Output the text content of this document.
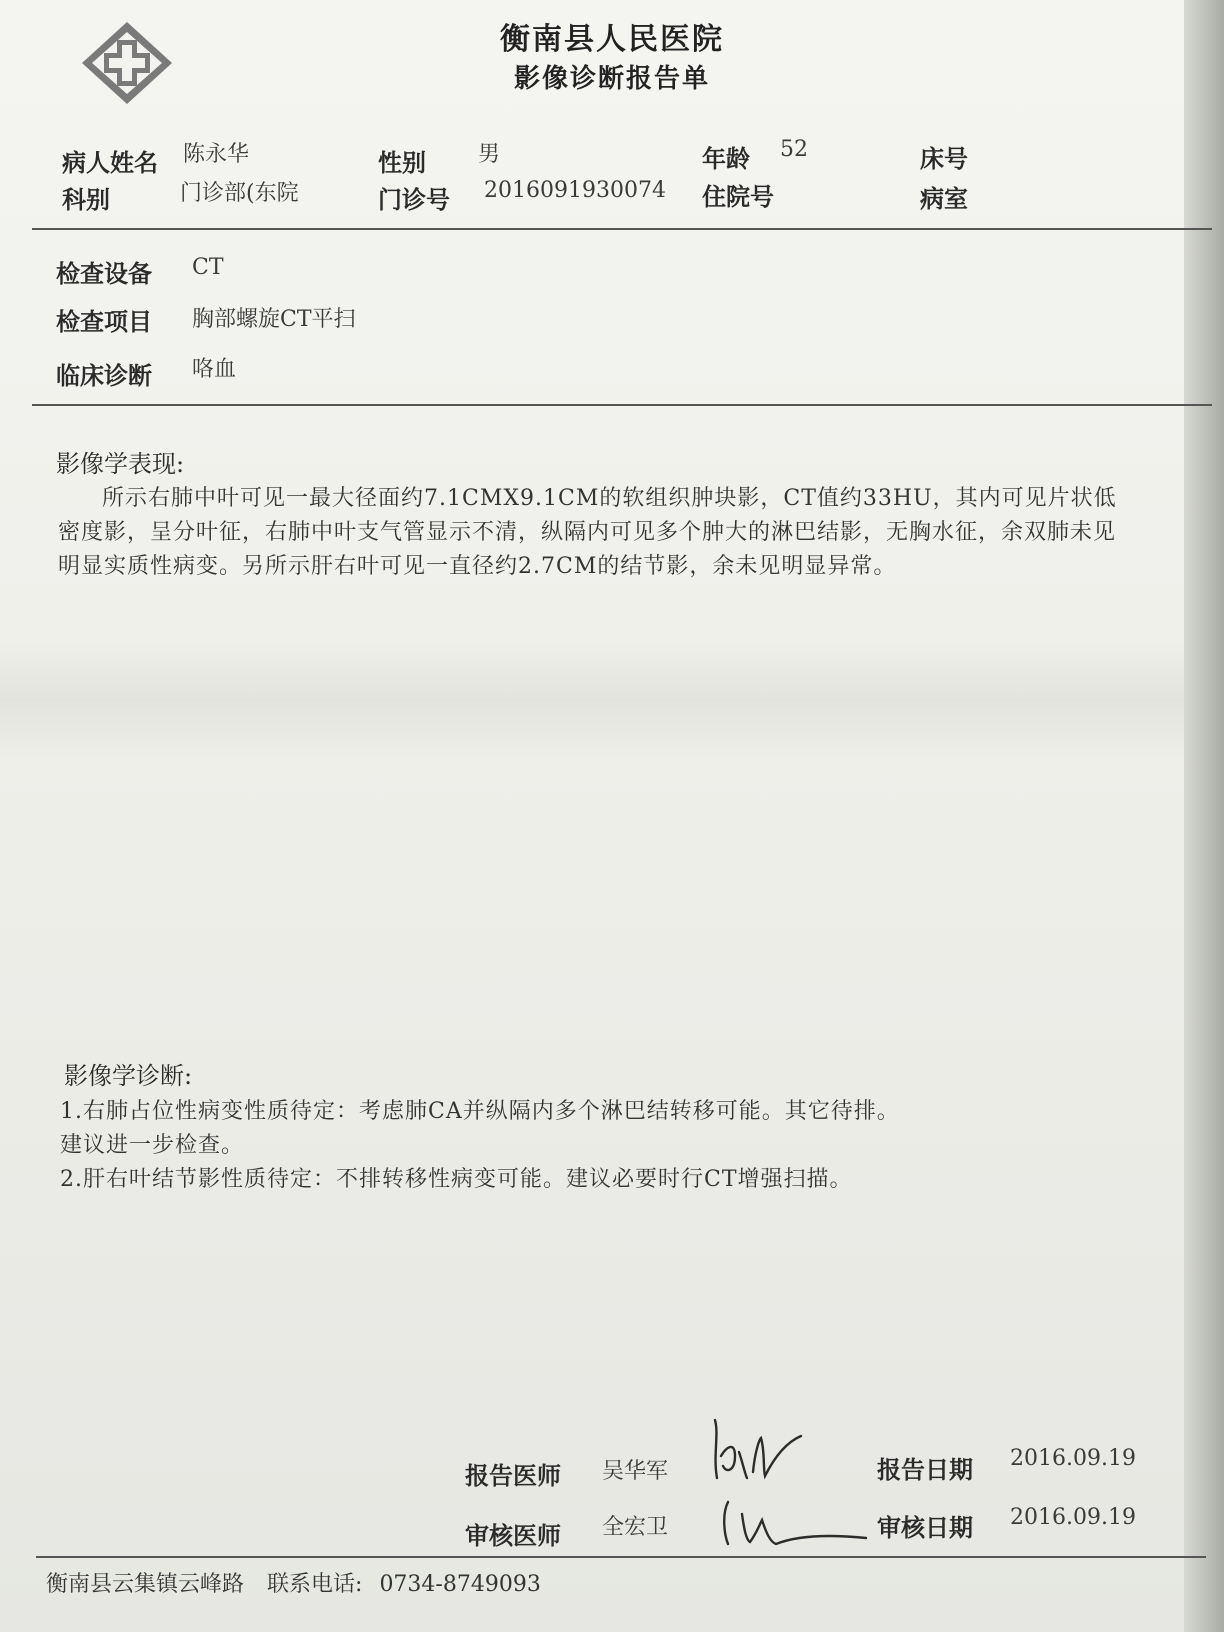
衡南县人民医院
影像诊断报告单
病人姓名 陈永华	性别 男	年龄 52	床号
科别	门诊部(东院	门诊号 2016091930074 住院号	病室
检查设备 CT
检查项目 胸部螺旋CT平扫
临床诊断 咯血
影像学表现:
所示右肺中叶可见一最大径面约7.1CMX9.1CM的软组织肿块影，CT值约33HU，其内可见片状低密度影，呈分叶征，右肺中叶支气管显示不清，纵隔内可见多个肿大的淋巴结影，无胸水征，余双肺未见明显实质性病变。另所示肝右叶可见一直径约2.7CM的结节影，余未见明显异常。
影像学诊断:
1.右肺占位性病变性质待定：考虑肺CA并纵隔内多个淋巴结转移可能。其它待排。
建议进一步检查。
2.肝右叶结节影性质待定：不排转移性病变可能。建议必要时行CT增强扫描。
报告医师 吴华军	报告日期 2016.09.19
审核医师 全宏卫	审核日期 2016.09.19
衡南县云集镇云峰路 联系电话: 0734-8749093
